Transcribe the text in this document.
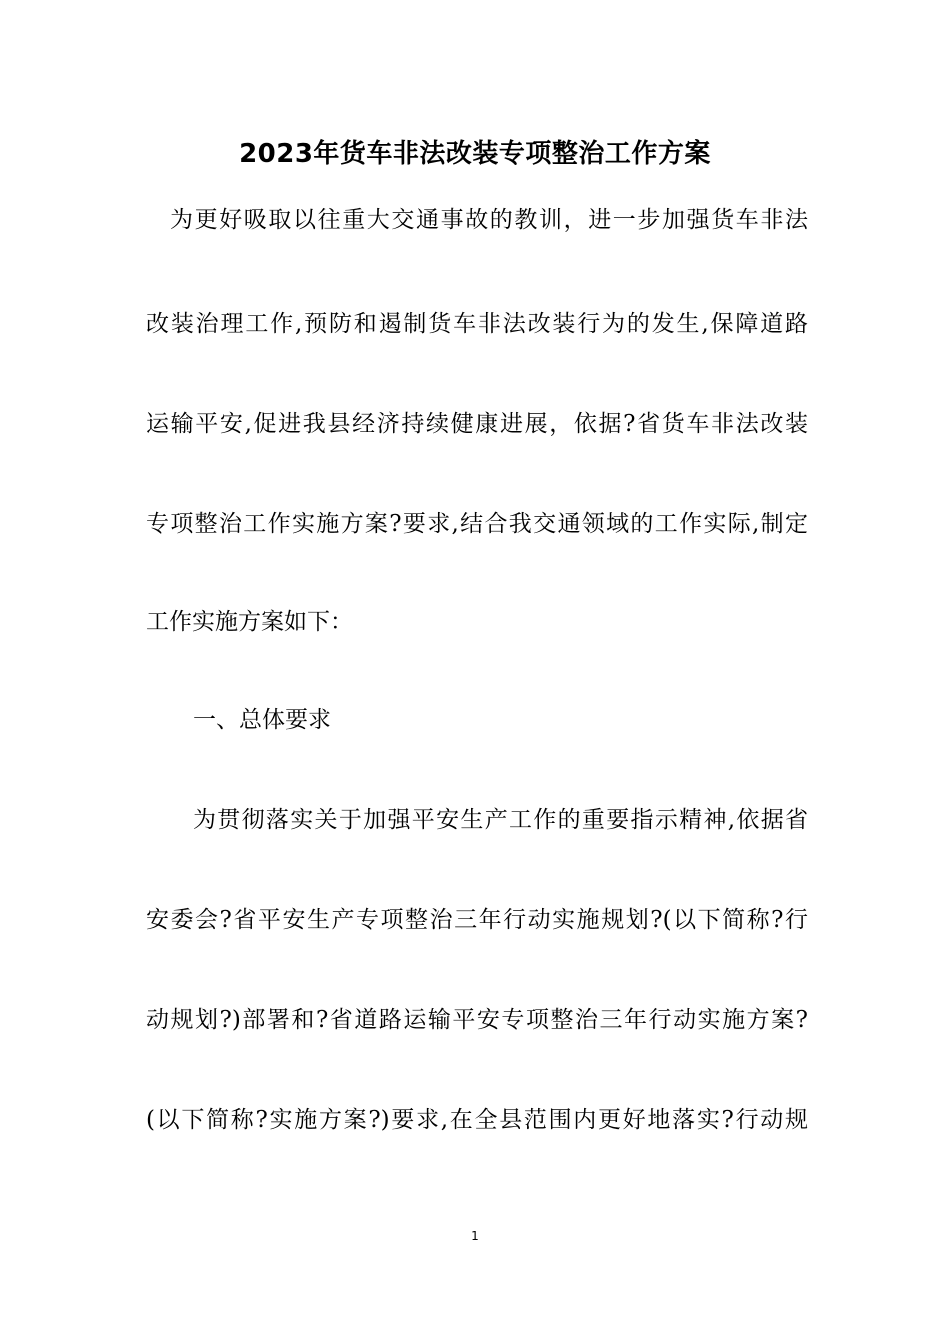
2023年货车非法改装专项整治工作方案
为更好吸取以往重大交通事故的教训，进一步加强货车非法
改装治理工作,预防和遏制货车非法改装行为的发生,保障道路
运输平安,促进我县经济持续健康进展，依据?省货车非法改装
专项整治工作实施方案?要求,结合我交通领域的工作实际,制定
工作实施方案如下：
一、总体要求
为贯彻落实关于加强平安生产工作的重要指示精神,依据省
安委会?省平安生产专项整治三年行动实施规划?(以下简称?行
动规划?)部署和?省道路运输平安专项整治三年行动实施方案?
(以下简称?实施方案?)要求,在全县范围内更好地落实?行动规
1
